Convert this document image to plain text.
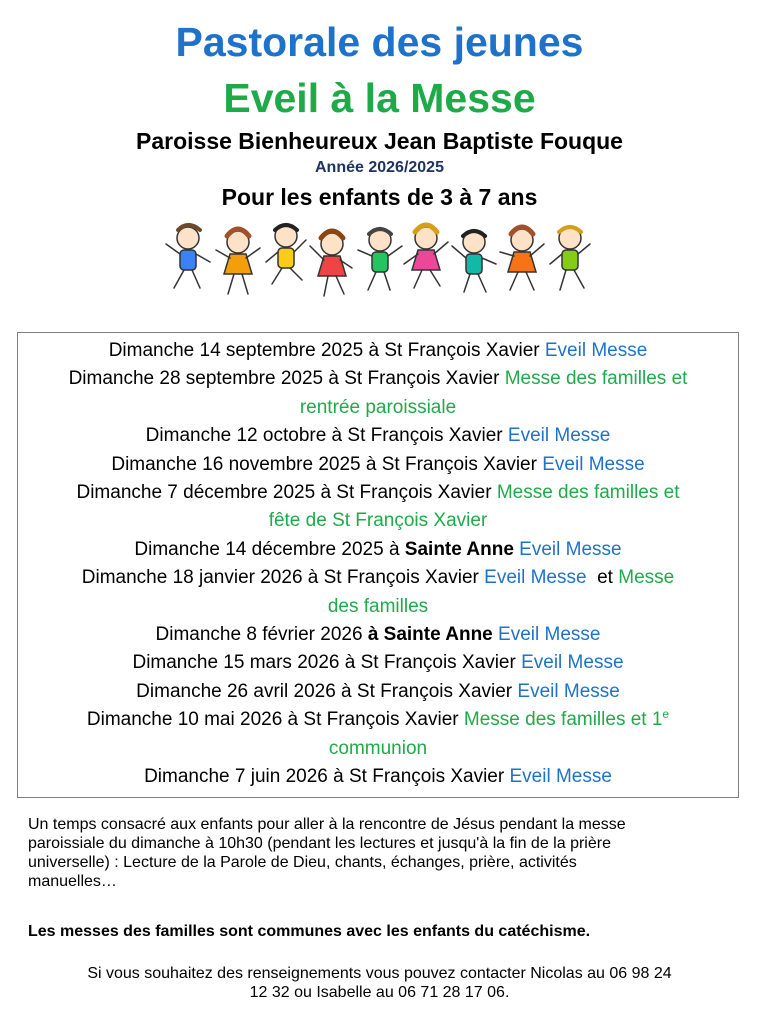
Pastorale des jeunes
Eveil à la Messe
Paroisse Bienheureux Jean Baptiste Fouque
Année 2026/2025
Pour les enfants de 3 à 7 ans
Dimanche 14 septembre 2025 à St François Xavier Eveil Messe
Dimanche 28 septembre 2025 à St François Xavier Messe des familles et
rentrée paroissiale
Dimanche 12 octobre à St François Xavier Eveil Messe
Dimanche 16 novembre 2025 à St François Xavier Eveil Messe
Dimanche 7 décembre 2025 à St François Xavier Messe des familles et
fête de St François Xavier
Dimanche 14 décembre 2025 à Sainte Anne Eveil Messe
Dimanche 18 janvier 2026 à St François Xavier Eveil Messe  et Messe
des familles
Dimanche 8 février 2026 à Sainte Anne Eveil Messe
Dimanche 15 mars 2026 à St François Xavier Eveil Messe
Dimanche 26 avril 2026 à St François Xavier Eveil Messe
Dimanche 10 mai 2026 à St François Xavier Messe des familles et 1e
communion
Dimanche 7 juin 2026 à St François Xavier Eveil Messe
Un temps consacré aux enfants pour aller à la rencontre de Jésus pendant la messe
paroissiale du dimanche à 10h30 (pendant les lectures et jusqu'à la fin de la prière
universelle) : Lecture de la Parole de Dieu, chants, échanges, prière, activités
manuelles…
Les messes des familles sont communes avec les enfants du catéchisme.
Si vous souhaitez des renseignements vous pouvez contacter Nicolas au 06 98 24
12 32 ou Isabelle au 06 71 28 17 06.
